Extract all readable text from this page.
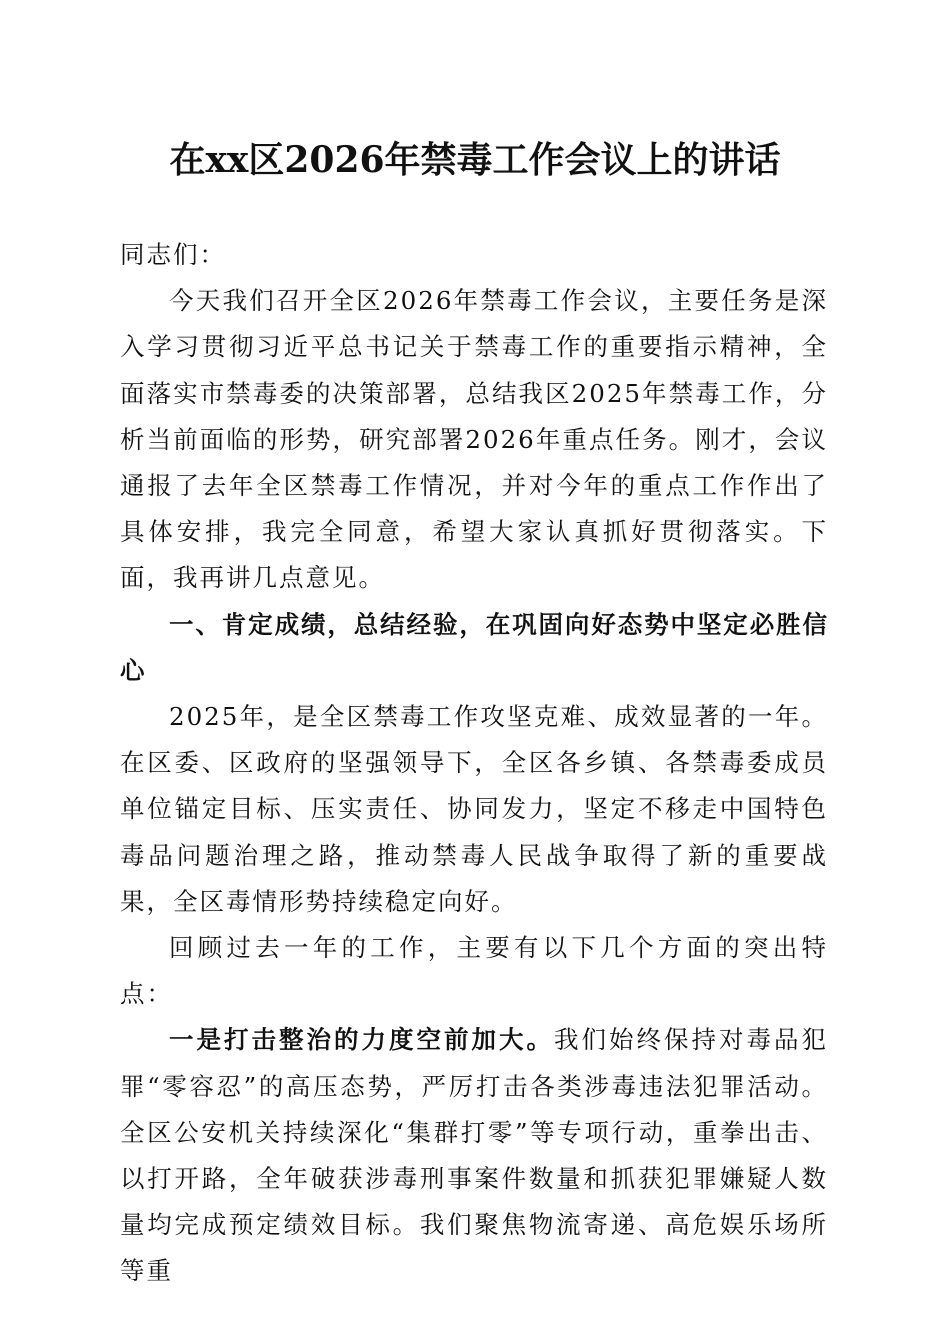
在xx区2026年禁毒工作会议上的讲话

同志们：

今天我们召开全区2026年禁毒工作会议，主要任务是深入学习贯彻习近平总书记关于禁毒工作的重要指示精神，全面落实市禁毒委的决策部署，总结我区2025年禁毒工作，分析当前面临的形势，研究部署2026年重点任务。刚才，会议通报了去年全区禁毒工作情况，并对今年的重点工作作出了具体安排，我完全同意，希望大家认真抓好贯彻落实。下面，我再讲几点意见。

一、肯定成绩，总结经验，在巩固向好态势中坚定必胜信心

2025年，是全区禁毒工作攻坚克难、成效显著的一年。在区委、区政府的坚强领导下，全区各乡镇、各禁毒委成员单位锚定目标、压实责任、协同发力，坚定不移走中国特色毒品问题治理之路，推动禁毒人民战争取得了新的重要战果，全区毒情形势持续稳定向好。

回顾过去一年的工作，主要有以下几个方面的突出特点：

一是打击整治的力度空前加大。我们始终保持对毒品犯罪“零容忍”的高压态势，严厉打击各类涉毒违法犯罪活动。全区公安机关持续深化“集群打零”等专项行动，重拳出击、以打开路，全年破获涉毒刑事案件数量和抓获犯罪嫌疑人数量均完成预定绩效目标。我们聚焦物流寄递、高危娱乐场所等重
